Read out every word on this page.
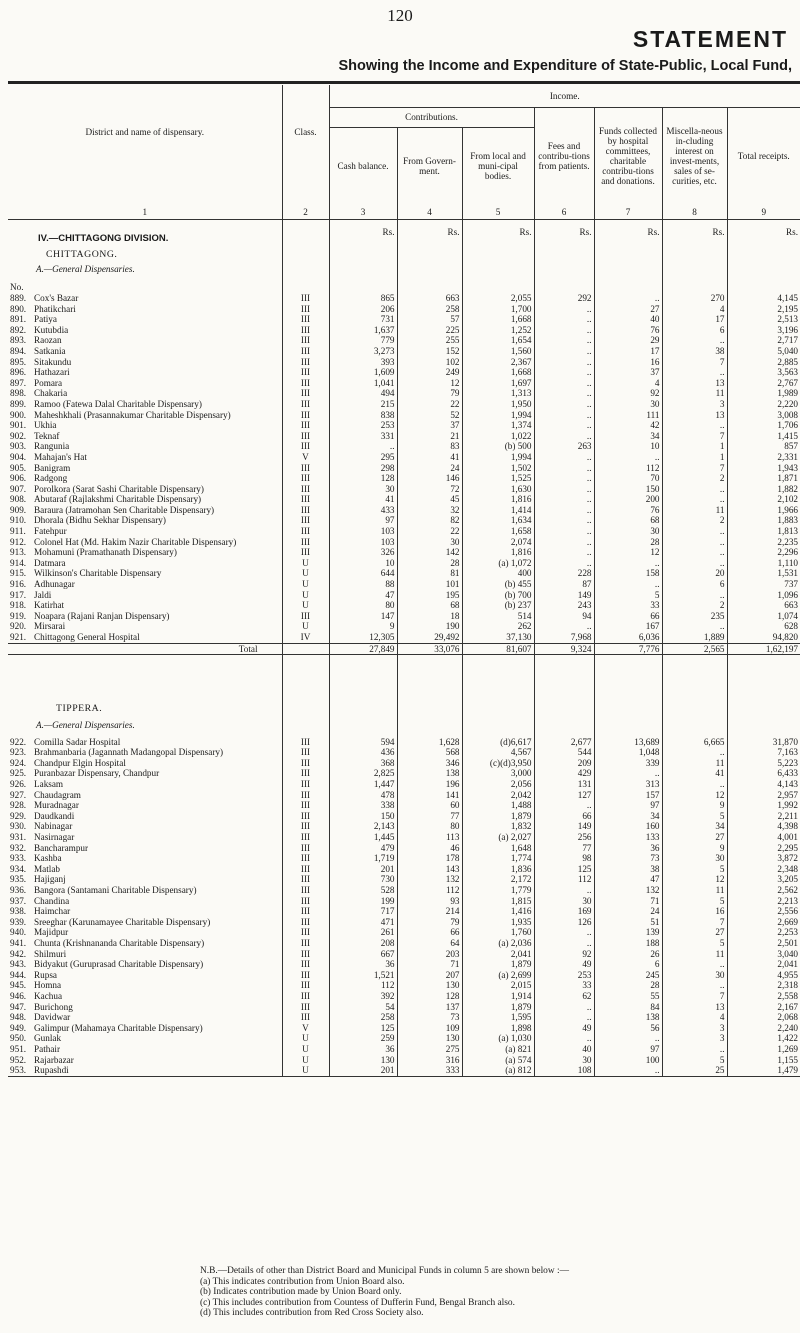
120
STATEMENT
Showing the Income and Expenditure of State-Public, Local Fund,
District and name of dispensary.		Class.	Income.						
			Contributions.			Fees and contribu-tions from patients.	Funds collected by hospital committees, charitable contribu-tions and donations.	Miscella-neous in-cluding interest on invest-ments, sales of se-curities, etc.	Total receipts.
			Cash balance.	From Govern-ment.	From local and muni-cipal bodies.				
1		2	3	4	5	6	7	8	9
IV.—CHITTAGONG DIVISION.			Rs.	Rs.	Rs.	Rs.	Rs.	Rs.	Rs.
CHITTAGONG.									
A.—General Dispensaries.									
No.									
889.	Cox's Bazar	III	865	663	2,055	292	..	270	4,145
890.	Phatikchari	III	206	258	1,700	..	27	4	2,195
891.	Patiya	III	731	57	1,668	..	40	17	2,513
892.	Kutubdia	III	1,637	225	1,252	..	76	6	3,196
893.	Raozan	III	779	255	1,654	..	29	..	2,717
894.	Satkania	III	3,273	152	1,560	..	17	38	5,040
895.	Sitakundu	III	393	102	2,367	..	16	7	2,885
896.	Hathazari	III	1,609	249	1,668	..	37	..	3,563
897.	Pomara	III	1,041	12	1,697	..	4	13	2,767
898.	Chakaria	III	494	79	1,313	..	92	11	1,989
899.	Ramoo (Fatewa Dalal Charitable Dispensary)	III	215	22	1,950	..	30	3	2,220
900.	Maheshkhali (Prasannakumar Charitable Dispensary)	III	838	52	1,994	..	111	13	3,008
901.	Ukhia	III	253	37	1,374	..	42	..	1,706
902.	Teknaf	III	331	21	1,022	..	34	7	1,415
903.	Rangunia	III	..	83	(b) 500	263	10	1	857
904.	Mahajan's Hat	V	295	41	1,994	..	..	1	2,331
905.	Banigram	III	298	24	1,502	..	112	7	1,943
906.	Radgong	III	128	146	1,525	..	70	2	1,871
907.	Porolkora (Sarat Sashi Charitable Dispensary)	III	30	72	1,630	..	150	..	1,882
908.	Abutaraf (Rajlakshmi Charitable Dispensary)	III	41	45	1,816	..	200	..	2,102
909.	Baraura (Jatramohan Sen Charitable Dispensary)	III	433	32	1,414	..	76	11	1,966
910.	Dhorala (Bidhu Sekhar Dispensary)	III	97	82	1,634	..	68	2	1,883
911.	Fatehpur	III	103	22	1,658	..	30	..	1,813
912.	Colonel Hat (Md. Hakim Nazir Charitable Dispensary)	III	103	30	2,074	..	28	..	2,235
913.	Mohamuni (Pramathanath Dispensary)	III	326	142	1,816	..	12	..	2,296
914.	Datmara	U	10	28	(a) 1,072	..	..	..	1,110
915.	Wilkinson's Charitable Dispensary	U	644	81	400	228	158	20	1,531
916.	Adhunagar	U	88	101	(b) 455	87	..	6	737
917.	Jaldi	U	47	195	(b) 700	149	5	..	1,096
918.	Katirhat	U	80	68	(b) 237	243	33	2	663
919.	Noapara (Rajani Ranjan Dispensary)	III	147	18	514	94	66	235	1,074
920.	Mirsarai	U	9	190	262	..	167	..	628
921.	Chittagong General Hospital	IV	12,305	29,492	37,130	7,968	6,036	1,889	94,820
Total			27,849	33,076	81,607	9,324	7,776	2,565	1,62,197
TIPPERA.									
A.—General Dispensaries.									
922.	Comilla Sadar Hospital	III	594	1,628	(d)6,617	2,677	13,689	6,665	31,870
923.	Brahmanbaria (Jagannath Madangopal Dispensary)	III	436	568	4,567	544	1,048	..	7,163
924.	Chandpur Elgin Hospital	III	368	346	(c)(d)3,950	209	339	11	5,223
925.	Puranbazar Dispensary, Chandpur	III	2,825	138	3,000	429	..	41	6,433
926.	Laksam	III	1,447	196	2,056	131	313	..	4,143
927.	Chaudagram	III	478	141	2,042	127	157	12	2,957
928.	Muradnagar	III	338	60	1,488	..	97	9	1,992
929.	Daudkandi	III	150	77	1,879	66	34	5	2,211
930.	Nabinagar	III	2,143	80	1,832	149	160	34	4,398
931.	Nasirnagar	III	1,445	113	(a) 2,027	256	133	27	4,001
932.	Bancharampur	III	479	46	1,648	77	36	9	2,295
933.	Kashba	III	1,719	178	1,774	98	73	30	3,872
934.	Matlab	III	201	143	1,836	125	38	5	2,348
935.	Hajiganj	III	730	132	2,172	112	47	12	3,205
936.	Bangora (Santamani Charitable Dispensary)	III	528	112	1,779	..	132	11	2,562
937.	Chandina	III	199	93	1,815	30	71	5	2,213
938.	Haimchar	III	717	214	1,416	169	24	16	2,556
939.	Sreeghar (Karunamayee Charitable Dispensary)	III	471	79	1,935	126	51	7	2,669
940.	Majidpur	III	261	66	1,760	..	139	27	2,253
941.	Chunta (Krishnananda Charitable Dispensary)	III	208	64	(a) 2,036	..	188	5	2,501
942.	Shilmuri	III	667	203	2,041	92	26	11	3,040
943.	Bidyakut (Guruprasad Charitable Dispensary)	III	36	71	1,879	49	6	..	2,041
944.	Rupsa	III	1,521	207	(a) 2,699	253	245	30	4,955
945.	Homna	III	112	130	2,015	33	28	..	2,318
946.	Kachua	III	392	128	1,914	62	55	7	2,558
947.	Burichong	III	54	137	1,879	..	84	13	2,167
948.	Davidwar	III	258	73	1,595	..	138	4	2,068
949.	Galimpur (Mahamaya Charitable Dispensary)	V	125	109	1,898	49	56	3	2,240
950.	Gunlak	U	259	130	(a) 1,030	..	..	3	1,422
951.	Pathair	U	36	275	(a) 821	40	97	..	1,269
952.	Rajarbazar	U	130	316	(a) 574	30	100	5	1,155
953.	Rupashdi	U	201	333	(a) 812	108	..	25	1,479

N.B.—Details of other than District Board and Municipal Funds in column 5 are shown below :—
(a) This indicates contribution from Union Board also.
(b) Indicates contribution made by Union Board only.
(c) This includes contribution from Countess of Dufferin Fund, Bengal Branch also.
(d) This includes contribution from Red Cross Society also.
